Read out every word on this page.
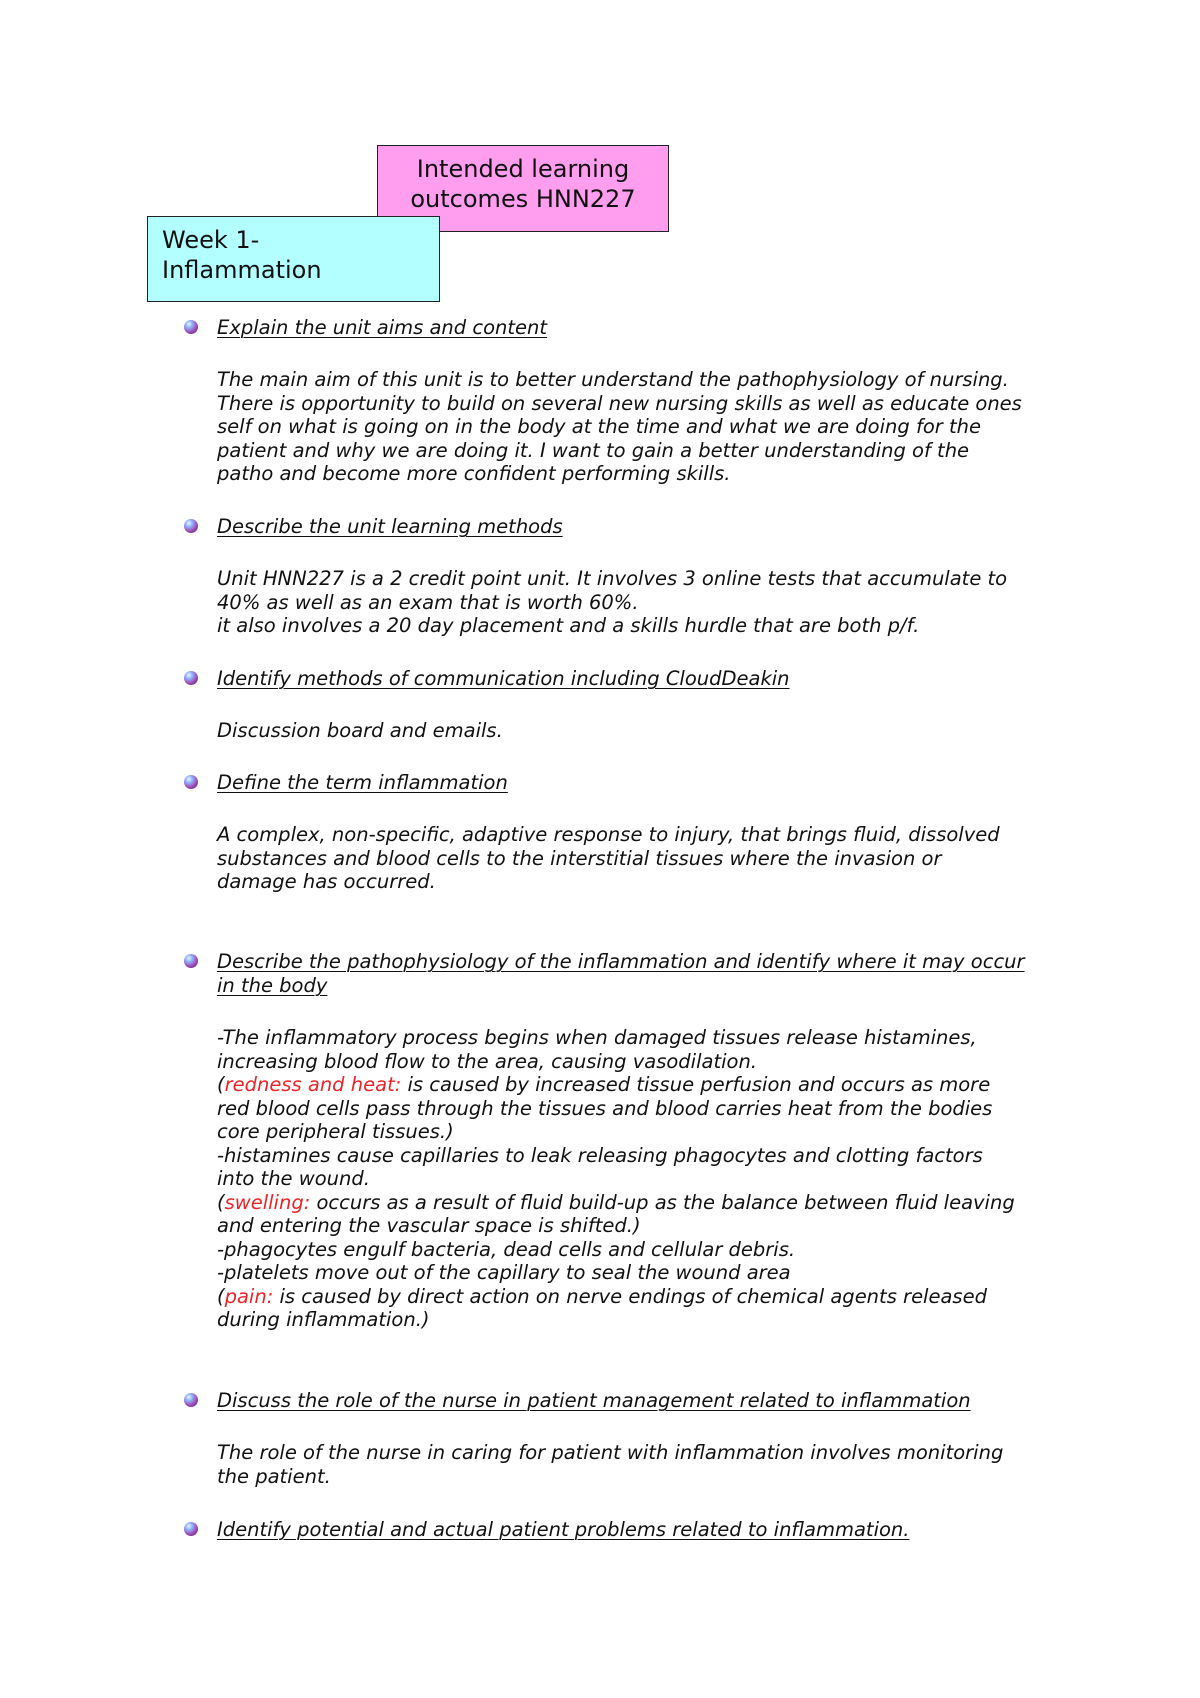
Intended learning
outcomes HNN227
Week 1-
Inflammation
Explain the unit aims and content

The main aim of this unit is to better understand the pathophysiology of nursing.

There is opportunity to build on several new nursing skills as well as educate ones

self on what is going on in the body at the time and what we are doing for the

patient and why we are doing it. I want to gain a better understanding of the

patho and become more confident performing skills.

Describe the unit learning methods

Unit HNN227 is a 2 credit point unit. It involves 3 online tests that accumulate to

40% as well as an exam that is worth 60%.

it also involves a 20 day placement and a skills hurdle that are both p/f.

Identify methods of communication including CloudDeakin

Discussion board and emails.

Define the term inflammation

A complex, non-specific, adaptive response to injury, that brings fluid, dissolved

substances and blood cells to the interstitial tissues where the invasion or

damage has occurred.

Describe the pathophysiology of the inflammation and identify where it may occur
in the body

-The inflammatory process begins when damaged tissues release histamines,

increasing blood flow to the area, causing vasodilation.

(redness and heat: is caused by increased tissue perfusion and occurs as more

red blood cells pass through the tissues and blood carries heat from the bodies

core peripheral tissues.)

-histamines cause capillaries to leak releasing phagocytes and clotting factors

into the wound.

(swelling: occurs as a result of fluid build-up as the balance between fluid leaving

and entering the vascular space is shifted.)

-phagocytes engulf bacteria, dead cells and cellular debris.

-platelets move out of the capillary to seal the wound area

(pain: is caused by direct action on nerve endings of chemical agents released

during inflammation.)

Discuss the role of the nurse in patient management related to inflammation

The role of the nurse in caring for patient with inflammation involves monitoring

the patient.

Identify potential and actual patient problems related to inflammation.
